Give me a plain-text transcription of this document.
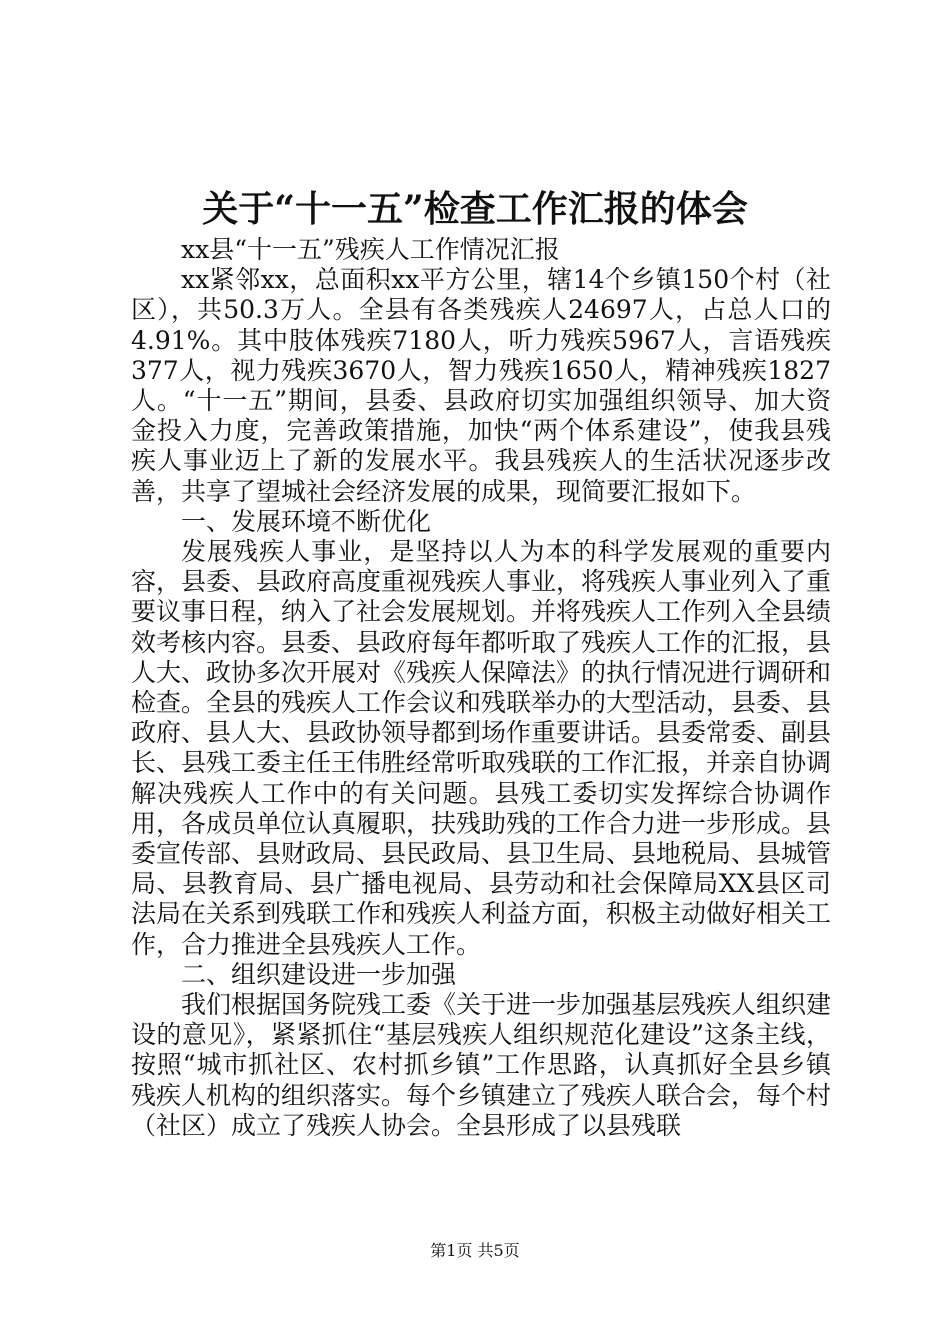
关于“十一五”检查工作汇报的体会

xx县“十一五”残疾人工作情况汇报

xx紧邻xx，总面积xx平方公里，辖14个乡镇150个村（社区），共50.3万人。全县有各类残疾人24697人，占总人口的4.91%。其中肢体残疾7180人，听力残疾5967人，言语残疾377人，视力残疾3670人，智力残疾1650人，精神残疾1827人。“十一五”期间，县委、县政府切实加强组织领导、加大资金投入力度，完善政策措施，加快“两个体系建设”，使我县残疾人事业迈上了新的发展水平。我县残疾人的生活状况逐步改善，共享了望城社会经济发展的成果，现简要汇报如下。

一、发展环境不断优化

发展残疾人事业，是坚持以人为本的科学发展观的重要内容，县委、县政府高度重视残疾人事业，将残疾人事业列入了重要议事日程，纳入了社会发展规划。并将残疾人工作列入全县绩效考核内容。县委、县政府每年都听取了残疾人工作的汇报，县人大、政协多次开展对《残疾人保障法》的执行情况进行调研和检查。全县的残疾人工作会议和残联举办的大型活动，县委、县政府、县人大、县政协领导都到场作重要讲话。县委常委、副县长、县残工委主任王伟胜经常听取残联的工作汇报，并亲自协调解决残疾人工作中的有关问题。县残工委切实发挥综合协调作用，各成员单位认真履职，扶残助残的工作合力进一步形成。县委宣传部、县财政局、县民政局、县卫生局、县地税局、县城管局、县教育局、县广播电视局、县劳动和社会保障局XX县区司法局在关系到残联工作和残疾人利益方面，积极主动做好相关工作，合力推进全县残疾人工作。

二、组织建设进一步加强

我们根据国务院残工委《关于进一步加强基层残疾人组织建设的意见》，紧紧抓住“基层残疾人组织规范化建设”这条主线，按照“城市抓社区、农村抓乡镇”工作思路，认真抓好全县乡镇残疾人机构的组织落实。每个乡镇建立了残疾人联合会，每个村（社区）成立了残疾人协会。全县形成了以县残联

第1页 共5页
